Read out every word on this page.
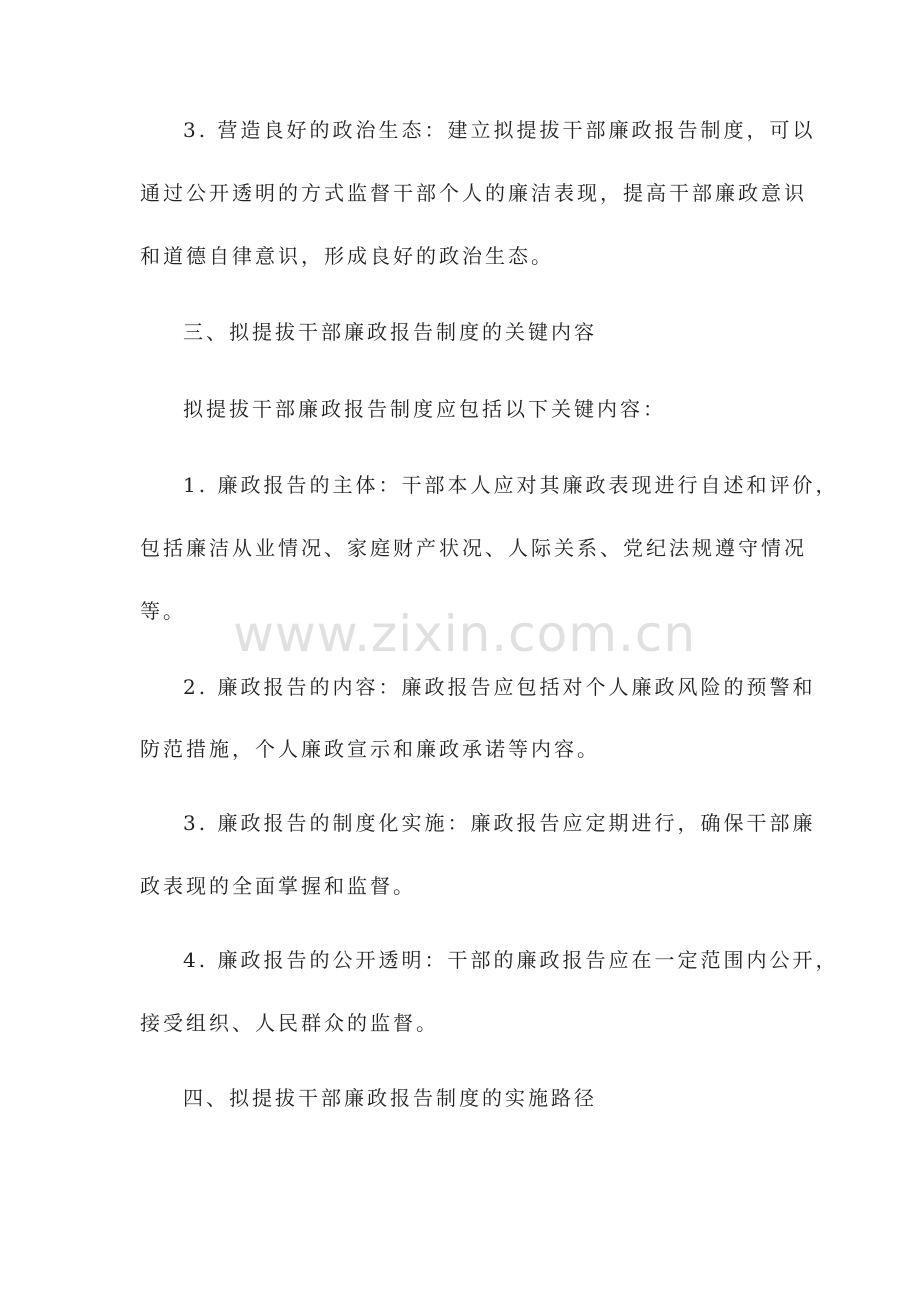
3. 营造良好的政治生态：建立拟提拔干部廉政报告制度，可以

通过公开透明的方式监督干部个人的廉洁表现，提高干部廉政意识

和道德自律意识，形成良好的政治生态。

三、拟提拔干部廉政报告制度的关键内容

拟提拔干部廉政报告制度应包括以下关键内容：

1. 廉政报告的主体：干部本人应对其廉政表现进行自述和评价，

包括廉洁从业情况、家庭财产状况、人际关系、党纪法规遵守情况

等。 www.zixin.com.cn

2. 廉政报告的内容：廉政报告应包括对个人廉政风险的预警和

防范措施，个人廉政宣示和廉政承诺等内容。

3. 廉政报告的制度化实施：廉政报告应定期进行，确保干部廉

政表现的全面掌握和监督。

4. 廉政报告的公开透明：干部的廉政报告应在一定范围内公开，

接受组织、人民群众的监督。

四、拟提拔干部廉政报告制度的实施路径
